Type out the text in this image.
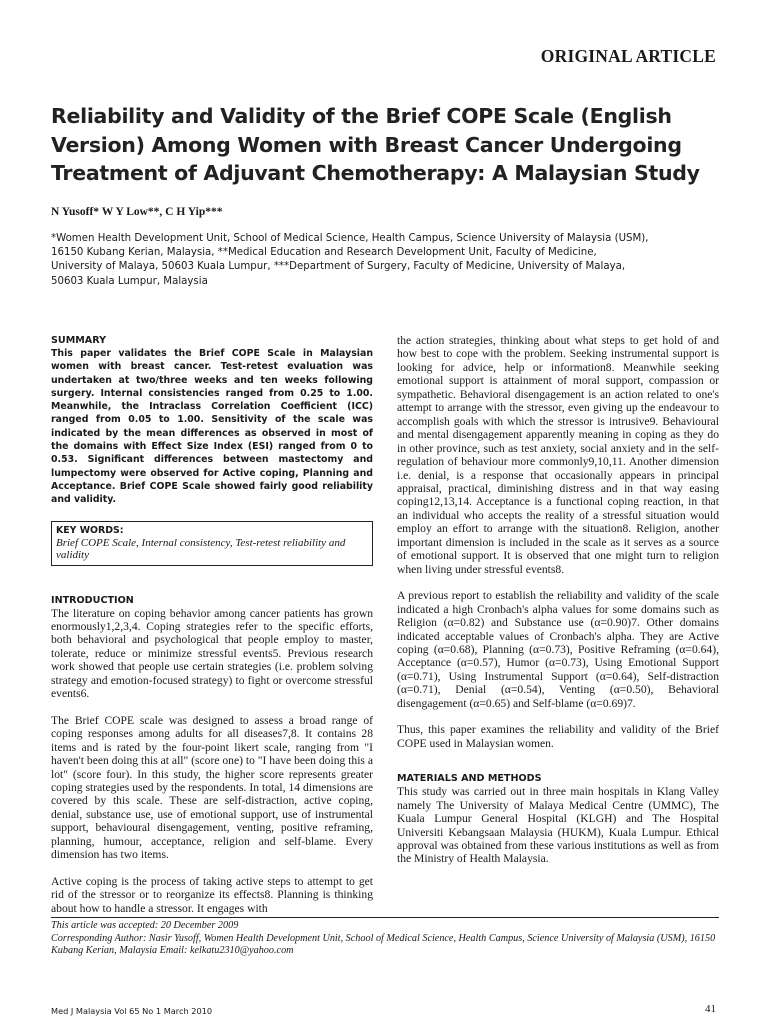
ORIGINAL ARTICLE
Reliability and Validity of the Brief COPE Scale (English Version) Among Women with Breast Cancer Undergoing Treatment of Adjuvant Chemotherapy: A Malaysian Study
N Yusoff* W Y Low**, C H Yip***
*Women Health Development Unit, School of Medical Science, Health Campus, Science University of Malaysia (USM), 16150 Kubang Kerian, Malaysia, **Medical Education and Research Development Unit, Faculty of Medicine, University of Malaya, 50603 Kuala Lumpur, ***Department of Surgery, Faculty of Medicine, University of Malaya, 50603 Kuala Lumpur, Malaysia

SUMMARY

This paper validates the Brief COPE Scale in Malaysian women with breast cancer. Test-retest evaluation was undertaken at two/three weeks and ten weeks following surgery. Internal consistencies ranged from 0.25 to 1.00. Meanwhile, the Intraclass Correlation Coefficient (ICC) ranged from 0.05 to 1.00. Sensitivity of the scale was indicated by the mean differences as observed in most of the domains with Effect Size Index (ESI) ranged from 0 to 0.53. Significant differences between mastectomy and lumpectomy were observed for Active coping, Planning and Acceptance. Brief COPE Scale showed fairly good reliability and validity.

KEY WORDS:

Brief COPE Scale, Internal consistency, Test-retest reliability and validity

INTRODUCTION

The literature on coping behavior among cancer patients has grown enormously1,2,3,4. Coping strategies refer to the specific efforts, both behavioral and psychological that people employ to master, tolerate, reduce or minimize stressful events5. Previous research work showed that people use certain strategies (i.e. problem solving strategy and emotion-focused strategy) to fight or overcome stressful events6.

The Brief COPE scale was designed to assess a broad range of coping responses among adults for all diseases7,8. It contains 28 items and is rated by the four-point likert scale, ranging from "I haven't been doing this at all" (score one) to "I have been doing this a lot" (score four). In this study, the higher score represents greater coping strategies used by the respondents. In total, 14 dimensions are covered by this scale. These are self-distraction, active coping, denial, substance use, use of emotional support, use of instrumental support, behavioural disengagement, venting, positive reframing, planning, humour, acceptance, religion and self-blame. Every dimension has two items.

Active coping is the process of taking active steps to attempt to get rid of the stressor or to reorganize its effects8. Planning is thinking about how to handle a stressor. It engages with

the action strategies, thinking about what steps to get hold of and how best to cope with the problem. Seeking instrumental support is looking for advice, help or information8. Meanwhile seeking emotional support is attainment of moral support, compassion or sympathetic. Behavioral disengagement is an action related to one's attempt to arrange with the stressor, even giving up the endeavour to accomplish goals with which the stressor is intrusive9. Behavioural and mental disengagement apparently meaning in coping as they do in other province, such as test anxiety, social anxiety and in the self-regulation of behaviour more commonly9,10,11. Another dimension i.e. denial, is a response that occasionally appears in principal appraisal, practical, diminishing distress and in that way easing coping12,13,14. Acceptance is a functional coping reaction, in that an individual who accepts the reality of a stressful situation would employ an effort to arrange with the situation8. Religion, another important dimension is included in the scale as it serves as a source of emotional support. It is observed that one might turn to religion when living under stressful events8.

A previous report to establish the reliability and validity of the scale indicated a high Cronbach's alpha values for some domains such as Religion (α=0.82) and Substance use (α=0.90)7. Other domains indicated acceptable values of Cronbach's alpha. They are Active coping (α=0.68), Planning (α=0.73), Positive Reframing (α=0.64), Acceptance (α=0.57), Humor (α=0.73), Using Emotional Support (α=0.71), Using Instrumental Support (α=0.64), Self-distraction (α=0.71), Denial (α=0.54), Venting (α=0.50), Behavioral disengagement (α=0.65) and Self-blame (α=0.69)7.

Thus, this paper examines the reliability and validity of the Brief COPE used in Malaysian women.

MATERIALS AND METHODS

This study was carried out in three main hospitals in Klang Valley namely The University of Malaya Medical Centre (UMMC), The Kuala Lumpur General Hospital (KLGH) and The Hospital Universiti Kebangsaan Malaysia (HUKM), Kuala Lumpur. Ethical approval was obtained from these various institutions as well as from the Ministry of Health Malaysia.

This article was accepted: 20 December 2009
Corresponding Author: Nasir Yusoff, Women Health Development Unit, School of Medical Science, Health Campus, Science University of Malaysia (USM), 16150 Kubang Kerian, Malaysia Email: kelkatu2310@yahoo.com
Med J Malaysia Vol 65 No 1 March 2010	41
